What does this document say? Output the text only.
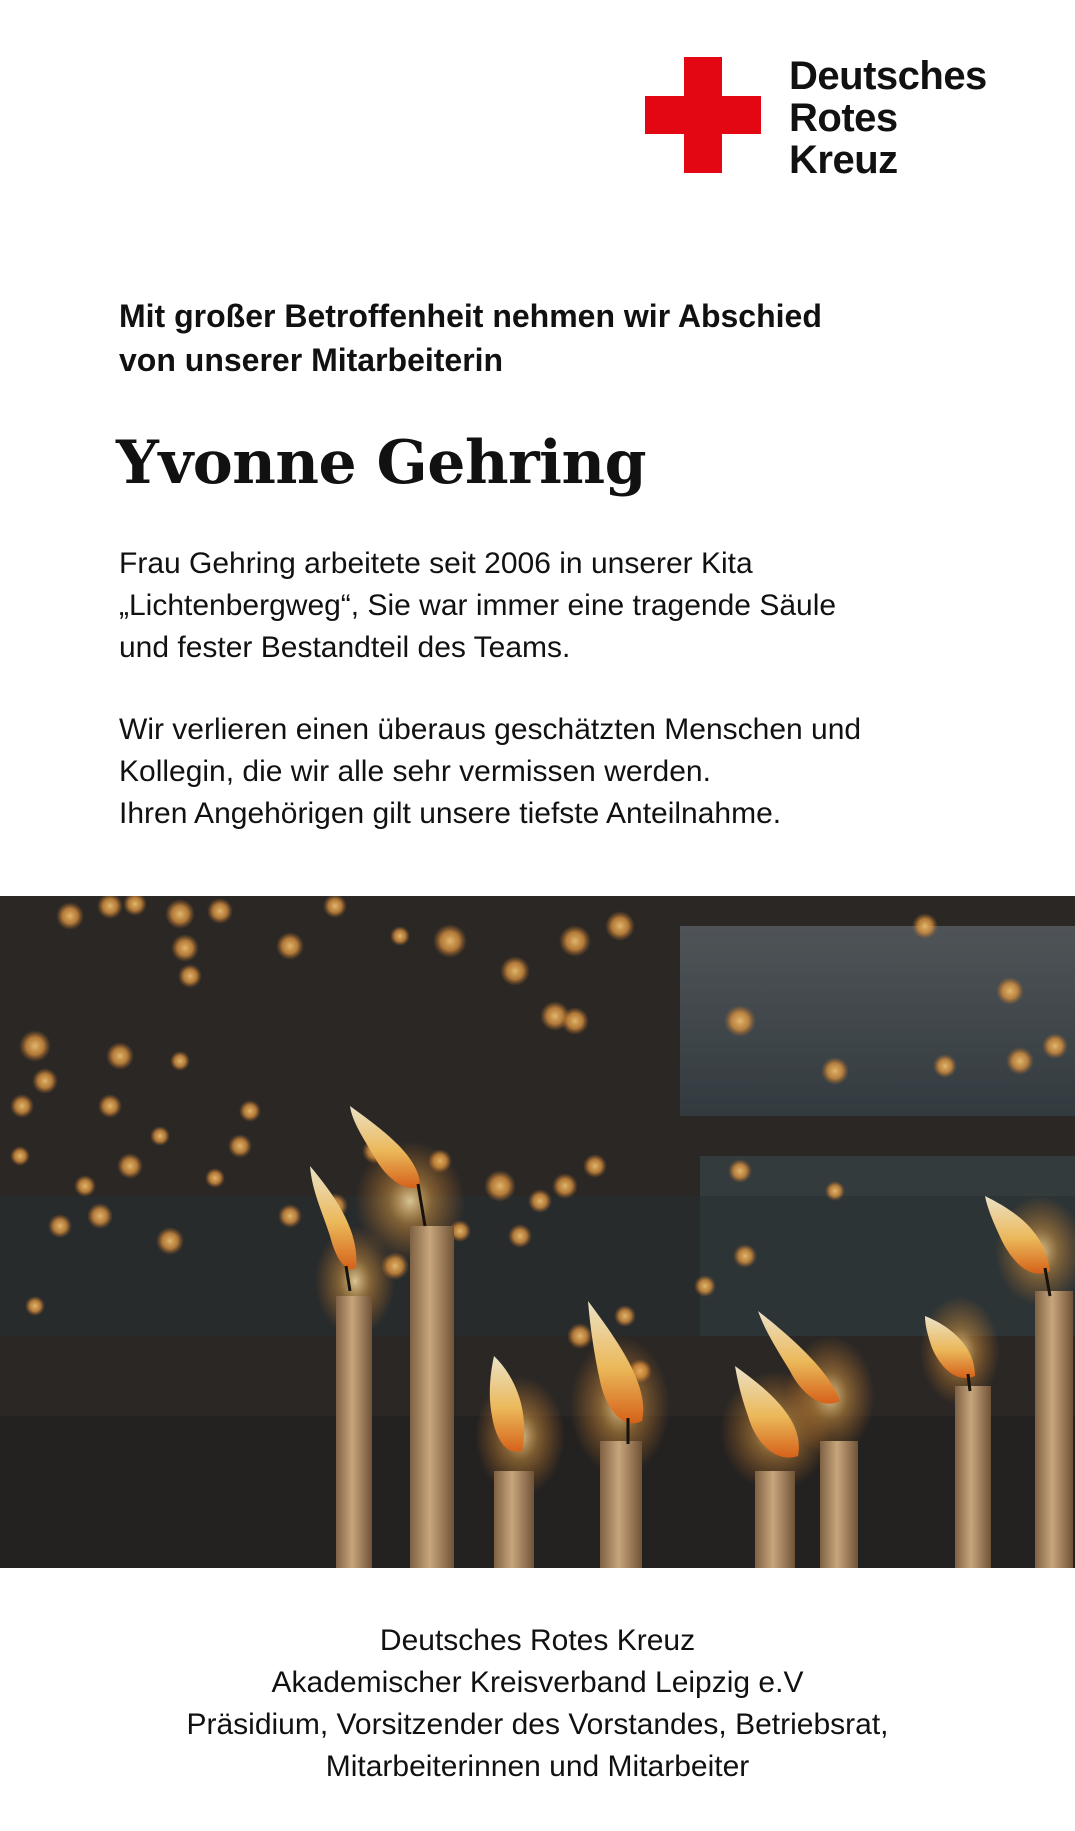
Deutsches
Rotes
Kreuz
Mit großer Betroffenheit nehmen wir Abschied
von unserer Mitarbeiterin
Yvonne Gehring
Frau Gehring arbeitete seit 2006 in unserer Kita
„Lichtenbergweg“, Sie war immer eine tragende Säule
und fester Bestandteil des Teams.
Wir verlieren einen überaus geschätzten Menschen und
Kollegin, die wir alle sehr vermissen werden.
Ihren Angehörigen gilt unsere tiefste Anteilnahme.
Deutsches Rotes Kreuz
Akademischer Kreisverband Leipzig e.V
Präsidium, Vorsitzender des Vorstandes, Betriebsrat,
Mitarbeiterinnen und Mitarbeiter
